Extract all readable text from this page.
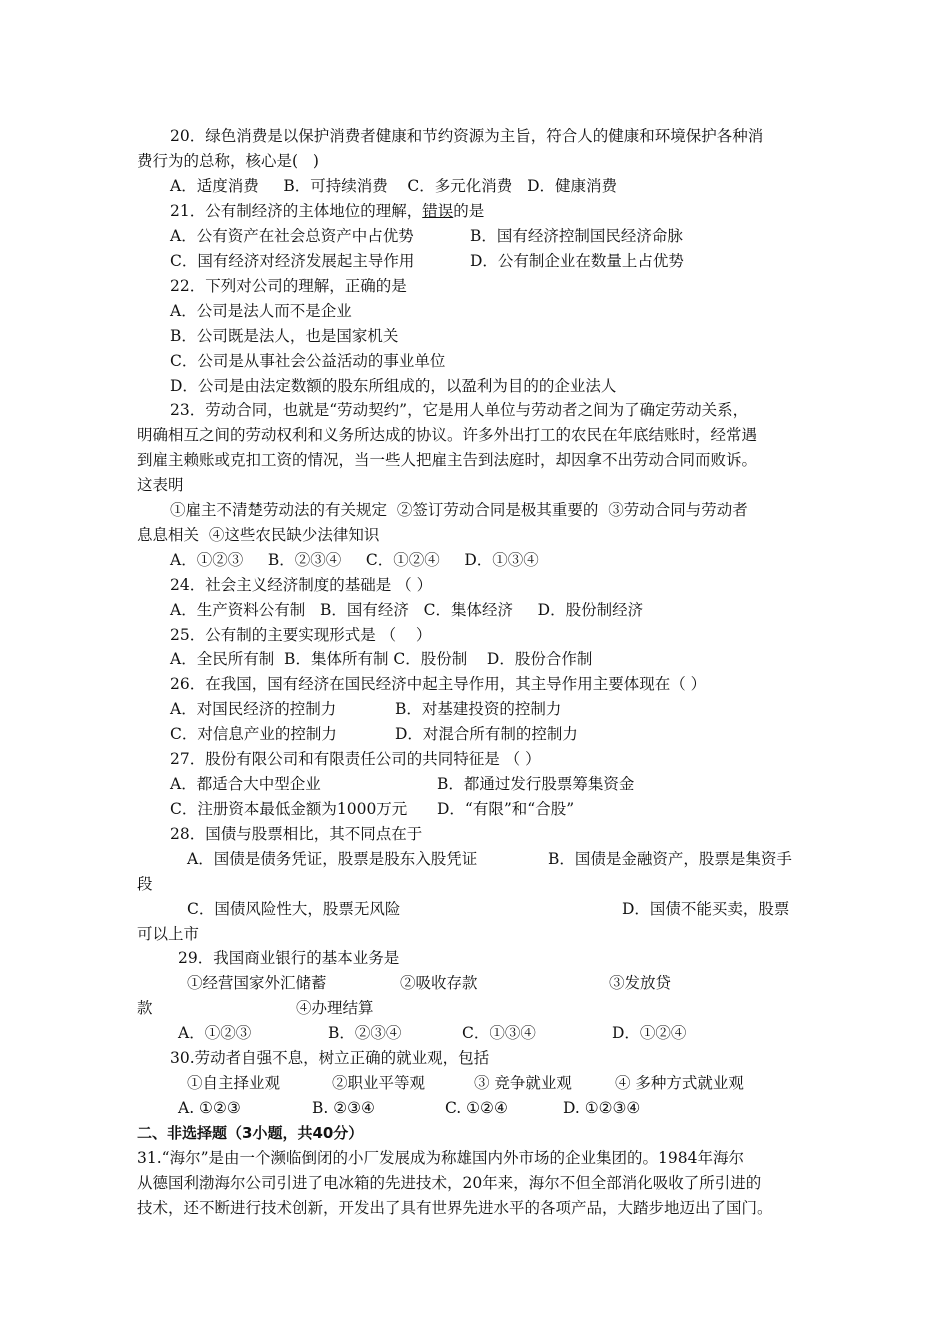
20．绿色消费是以保护消费者健康和节约资源为主旨，符合人的健康和环境保护各种消
费行为的总称，核心是(   )
A．适度消费     B．可持续消费    C．多元化消费   D．健康消费
21．公有制经济的主体地位的理解，错误的是
A．公有资产在社会总资产中占优势	B．国有经济控制国民经济命脉
C．国有经济对经济发展起主导作用	D．公有制企业在数量上占优势
22．下列对公司的理解，正确的是
A．公司是法人而不是企业
B．公司既是法人，也是国家机关
C．公司是从事社会公益活动的事业单位
D．公司是由法定数额的股东所组成的，以盈利为目的的企业法人
23．劳动合同，也就是“劳动契约”，它是用人单位与劳动者之间为了确定劳动关系，
明确相互之间的劳动权利和义务所达成的协议。许多外出打工的农民在年底结账时，经常遇
到雇主赖账或克扣工资的情况，当一些人把雇主告到法庭时，却因拿不出劳动合同而败诉。
这表明
①雇主不清楚劳动法的有关规定  ②签订劳动合同是极其重要的  ③劳动合同与劳动者
息息相关  ④这些农民缺少法律知识
A．①②③     B．②③④     C．①②④     D．①③④
24．社会主义经济制度的基础是 （ ）
A．生产资料公有制   B．国有经济   C．集体经济     D．股份制经济
25．公有制的主要实现形式是 （    ）
A．全民所有制  B．集体所有制 C．股份制    D．股份合作制
26．在我国，国有经济在国民经济中起主导作用，其主导作用主要体现在（ ）
A．对国民经济的控制力	B．对基建投资的控制力
C．对信息产业的控制力	D．对混合所有制的控制力
27．股份有限公司和有限责任公司的共同特征是 （ ）
A．都适合大中型企业	B．都通过发行股票筹集资金
C．注册资本最低金额为1000万元 D．“有限”和“合股”
28．国债与股票相比，其不同点在于
A．国债是债务凭证，股票是股东入股凭证	B．国债是金融资产，股票是集资手
段
C．国债风险性大，股票无风险	D．国债不能买卖，股票
可以上市
29．我国商业银行的基本业务是
①经营国家外汇储蓄	②吸收存款	③发放贷
款	④办理结算
A．①②③	B．②③④	C．①③④	D．①②④
30.劳动者自强不息，树立正确的就业观，包括
①自主择业观	②职业平等观	③ 竞争就业观	④ 多种方式就业观
A. ①②③	B. ②③④	C. ①②④	D. ①②③④
二、非选择题（3小题，共40分）
31.“海尔”是由一个濒临倒闭的小厂发展成为称雄国内外市场的企业集团的。1984年海尔
从德国利渤海尔公司引进了电冰箱的先进技术，20年来，海尔不但全部消化吸收了所引进的
技术，还不断进行技术创新，开发出了具有世界先进水平的各项产品，大踏步地迈出了国门。
